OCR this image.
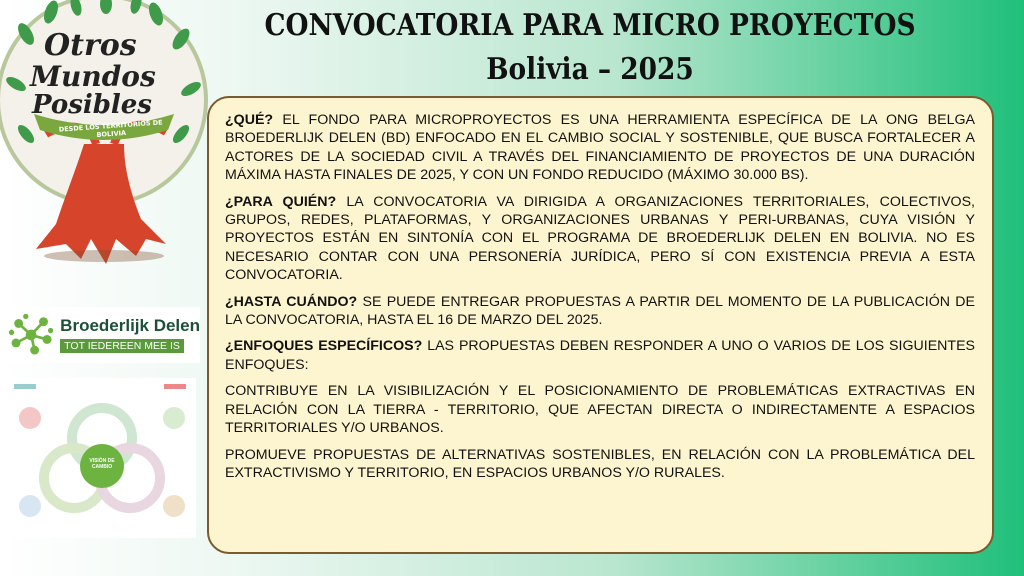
CONVOCATORIA PARA MICRO PROYECTOS
Bolivia – 2025
Otros
Mundos
Posibles
DESDE LOS TERRITORIOS DE BOLIVIA
Broederlijk Delen
TOT IEDEREEN MEE IS
VISIÓN DE CAMBIO

¿QUÉ? EL FONDO PARA MICROPROYECTOS ES UNA HERRAMIENTA ESPECÍFICA DE LA ONG BELGA BROEDERLIJK DELEN (BD) ENFOCADO EN EL CAMBIO SOCIAL Y SOSTENIBLE, QUE BUSCA FORTALECER A ACTORES DE LA SOCIEDAD CIVIL A TRAVÉS DEL FINANCIAMIENTO DE PROYECTOS DE UNA DURACIÓN MÁXIMA HASTA FINALES DE 2025, Y CON UN FONDO REDUCIDO (MÁXIMO 30.000 BS).

¿PARA QUIÉN? LA CONVOCATORIA VA DIRIGIDA A ORGANIZACIONES TERRITORIALES, COLECTIVOS, GRUPOS, REDES, PLATAFORMAS, Y ORGANIZACIONES URBANAS Y PERI-URBANAS, CUYA VISIÓN Y PROYECTOS ESTÁN EN SINTONÍA CON EL PROGRAMA DE BROEDERLIJK DELEN EN BOLIVIA. NO ES NECESARIO CONTAR CON UNA PERSONERÍA JURÍDICA, PERO SÍ CON EXISTENCIA PREVIA A ESTA CONVOCATORIA.

¿HASTA CUÁNDO? SE PUEDE ENTREGAR PROPUESTAS A PARTIR DEL MOMENTO DE LA PUBLICACIÓN DE LA CONVOCATORIA, HASTA EL 16 DE MARZO DEL 2025.

¿ENFOQUES ESPECÍFICOS? LAS PROPUESTAS DEBEN RESPONDER A UNO O VARIOS DE LOS SIGUIENTES ENFOQUES:

CONTRIBUYE EN LA VISIBILIZACIÓN Y EL POSICIONAMIENTO DE PROBLEMÁTICAS EXTRACTIVAS EN RELACIÓN CON LA TIERRA - TERRITORIO, QUE AFECTAN DIRECTA O INDIRECTAMENTE A ESPACIOS TERRITORIALES Y/O URBANOS.

PROMUEVE PROPUESTAS DE ALTERNATIVAS SOSTENIBLES, EN RELACIÓN CON LA PROBLEMÁTICA DEL EXTRACTIVISMO Y TERRITORIO, EN ESPACIOS URBANOS Y/O RURALES.
